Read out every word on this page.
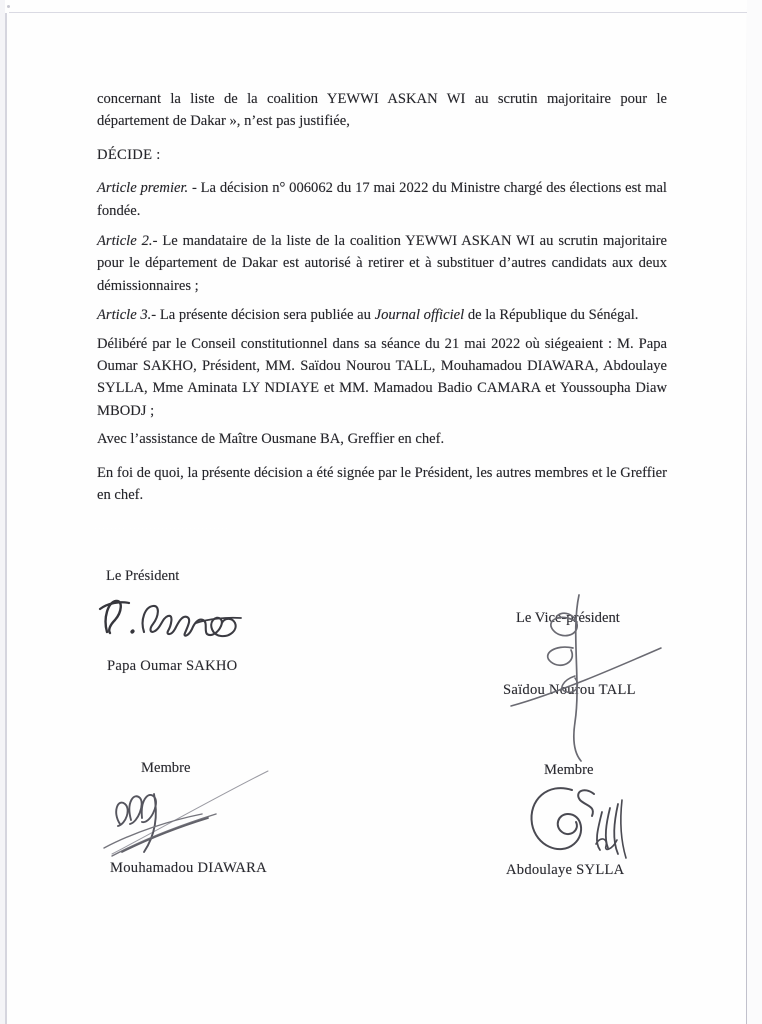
concernant la liste de la coalition YEWWI ASKAN WI au scrutin majoritaire pour le département de Dakar », n’est pas justifiée,

DÉCIDE :

Article premier. - La décision n° 006062 du 17 mai 2022 du Ministre chargé des élections est mal fondée.

Article 2.- Le mandataire de la liste de la coalition YEWWI ASKAN WI au scrutin majoritaire pour le département de Dakar est autorisé à retirer et à substituer d’autres candidats aux deux démissionnaires ;

Article 3.- La présente décision sera publiée au Journal officiel de la République du Sénégal.

Délibéré par le Conseil constitutionnel dans sa séance du 21 mai 2022 où siégeaient : M. Papa Oumar SAKHO, Président, MM. Saïdou Nourou TALL, Mouhamadou DIAWARA, Abdoulaye SYLLA, Mme Aminata LY NDIAYE et MM. Mamadou Badio CAMARA et Youssoupha Diaw MBODJ ;

Avec l’assistance de Maître Ousmane BA, Greffier en chef.

En foi de quoi, la présente décision a été signée par le Président, les autres membres et le Greffier en chef.

Le Président
Papa Oumar SAKHO
Le Vice-président
Saïdou Nourou TALL
Membre
Mouhamadou DIAWARA
Membre
Abdoulaye SYLLA
